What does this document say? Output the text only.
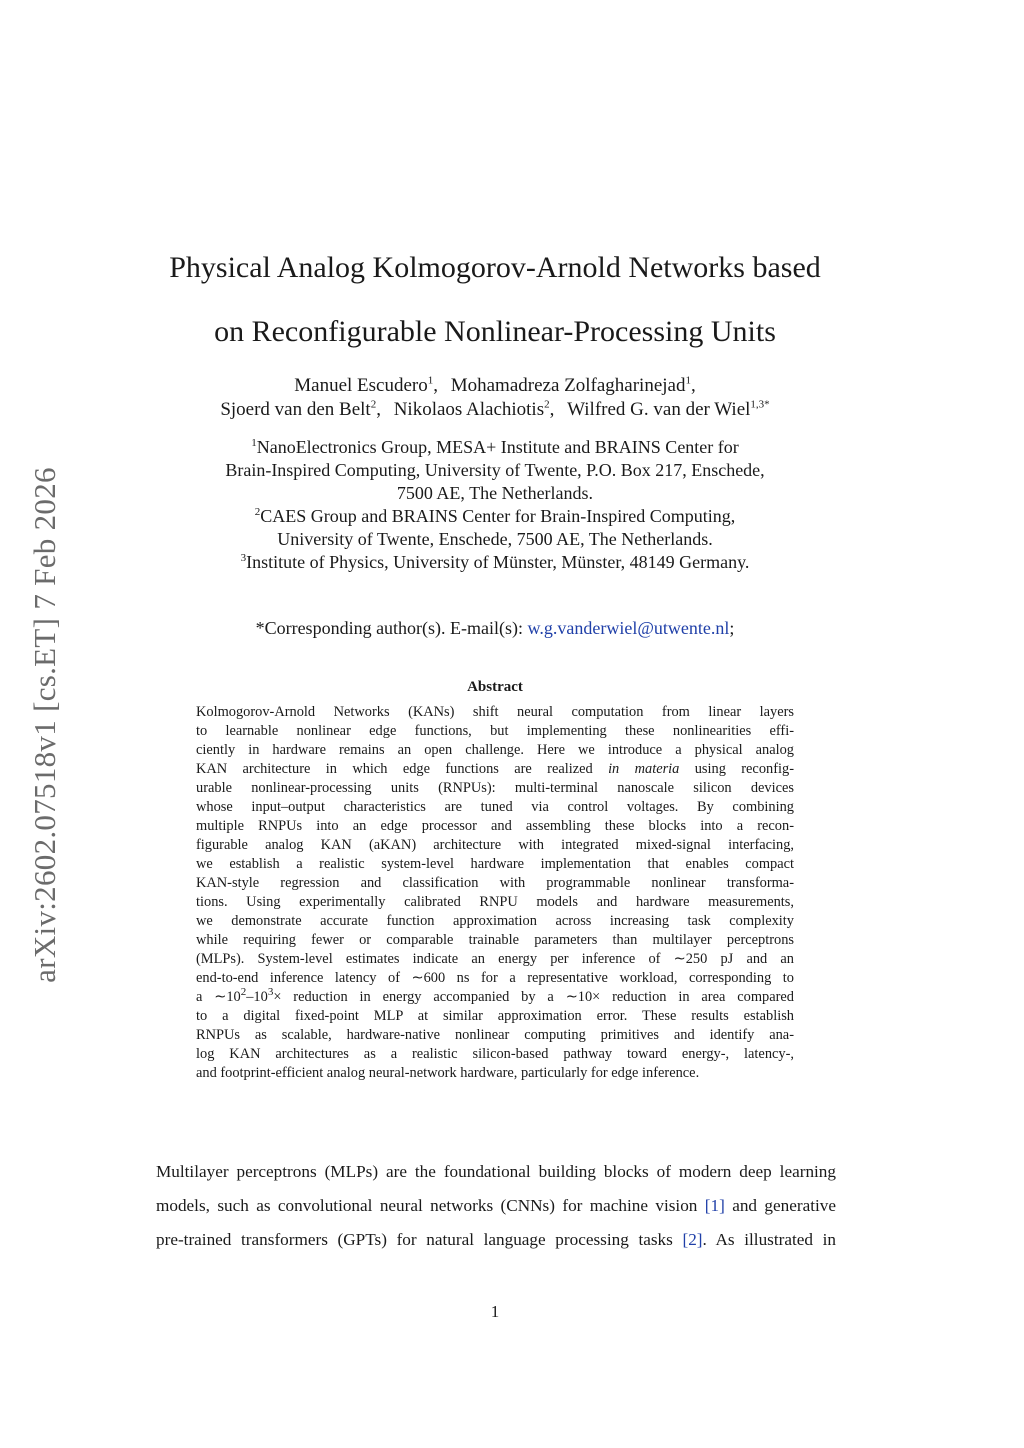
arXiv:2602.07518v1 [cs.ET] 7 Feb 2026
Physical Analog Kolmogorov-Arnold Networks based
on Reconfigurable Nonlinear-Processing Units
Manuel Escudero$^1$, Mohamadreza Zolfagharinejad$^1$,
Sjoerd van den Belt$^2$, Nikolaos Alachiotis$^2$, Wilfred G. van der Wiel$^{1,3*}$
$^1$NanoElectronics Group, MESA+ Institute and BRAINS Center for
Brain-Inspired Computing, University of Twente, P.O. Box 217, Enschede,
7500 AE, The Netherlands.
$^2$CAES Group and BRAINS Center for Brain-Inspired Computing,
University of Twente, Enschede, 7500 AE, The Netherlands.
$^3$Institute of Physics, University of Münster, Münster, 48149 Germany.
*Corresponding author(s). E-mail(s): w.g.vanderwiel@utwente.nl;
Abstract
Kolmogorov-Arnold Networks (KANs) shift neural computation from linear layers
to learnable nonlinear edge functions, but implementing these nonlinearities effi-
ciently in hardware remains an open challenge. Here we introduce a physical analog
KAN architecture in which edge functions are realized in materia using reconfig-
urable nonlinear-processing units (RNPUs): multi-terminal nanoscale silicon devices
whose input–output characteristics are tuned via control voltages. By combining
multiple RNPUs into an edge processor and assembling these blocks into a recon-
figurable analog KAN (aKAN) architecture with integrated mixed-signal interfacing,
we establish a realistic system-level hardware implementation that enables compact
KAN-style regression and classification with programmable nonlinear transforma-
tions. Using experimentally calibrated RNPU models and hardware measurements,
we demonstrate accurate function approximation across increasing task complexity
while requiring fewer or comparable trainable parameters than multilayer perceptrons
(MLPs). System-level estimates indicate an energy per inference of ∼250 pJ and an
end-to-end inference latency of ∼600 ns for a representative workload, corresponding to
a $\sim 10^2-10^3\times$ reduction in energy accompanied by a ∼10× reduction in area compared
to a digital fixed-point MLP at similar approximation error. These results establish
RNPUs as scalable, hardware-native nonlinear computing primitives and identify ana-
log KAN architectures as a realistic silicon-based pathway toward energy-, latency-,
and footprint-efficient analog neural-network hardware, particularly for edge inference.
Multilayer perceptrons (MLPs) are the foundational building blocks of modern deep learning
models, such as convolutional neural networks (CNNs) for machine vision [1] and generative
pre-trained transformers (GPTs) for natural language processing tasks [2]. As illustrated in
1
